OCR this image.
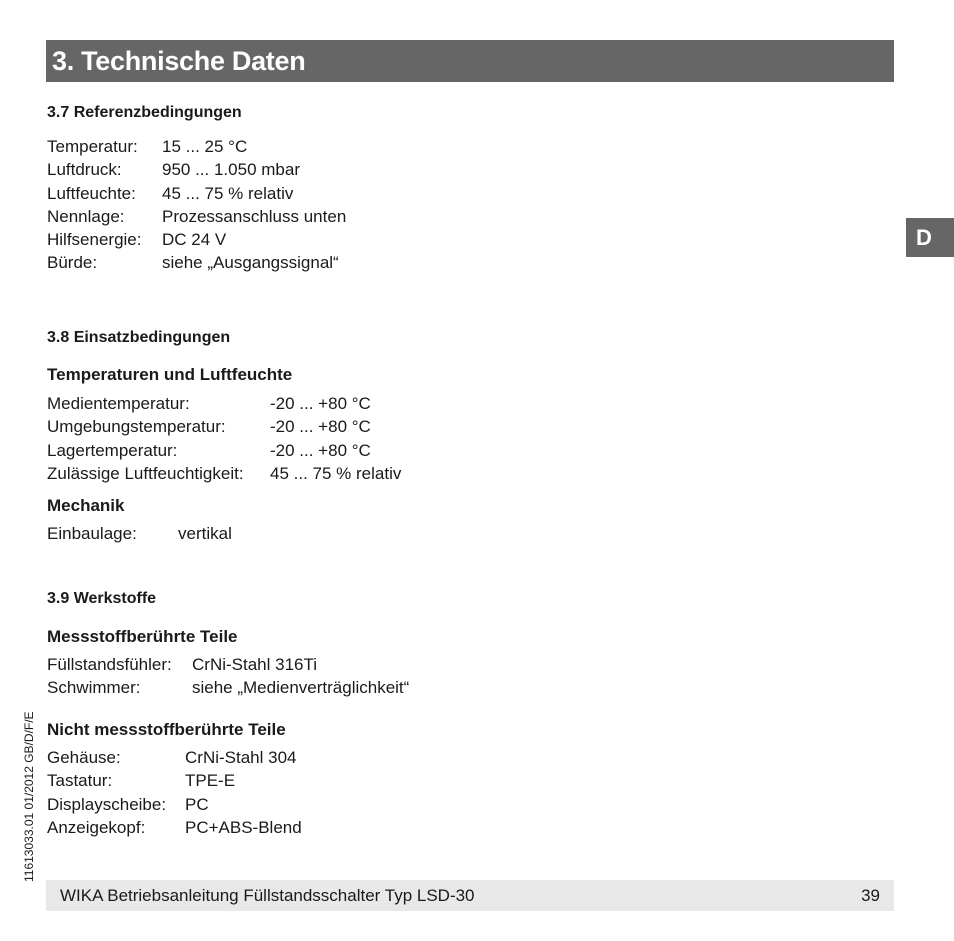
3. Technische Daten
D
3.7 Referenzbedingungen
Temperatur:	15 ... 25 °C
Luftdruck:	950 ... 1.050 mbar
Luftfeuchte:	45 ... 75 % relativ
Nennlage:	Prozessanschluss unten
Hilfsenergie:	DC 24 V
Bürde:	siehe „Ausgangssignal“
3.8 Einsatzbedingungen
Temperaturen und Luftfeuchte
Medientemperatur:	-20 ... +80 °C
Umgebungstemperatur:	-20 ... +80 °C
Lagertemperatur:	-20 ... +80 °C
Zulässige Luftfeuchtigkeit:	45 ... 75 % relativ
Mechanik
Einbaulage:	vertikal
3.9 Werkstoffe
Messstoffberührte Teile
Füllstandsfühler:	CrNi-Stahl 316Ti
Schwimmer:	siehe „Medienverträglichkeit“
Nicht messstoffberührte Teile
Gehäuse:	CrNi-Stahl 304
Tastatur:	TPE-E
Displayscheibe:	PC
Anzeigekopf:	PC+ABS-Blend
11613033.01 01/2012 GB/D/F/E
WIKA Betriebsanleitung Füllstandsschalter Typ LSD-30	39
